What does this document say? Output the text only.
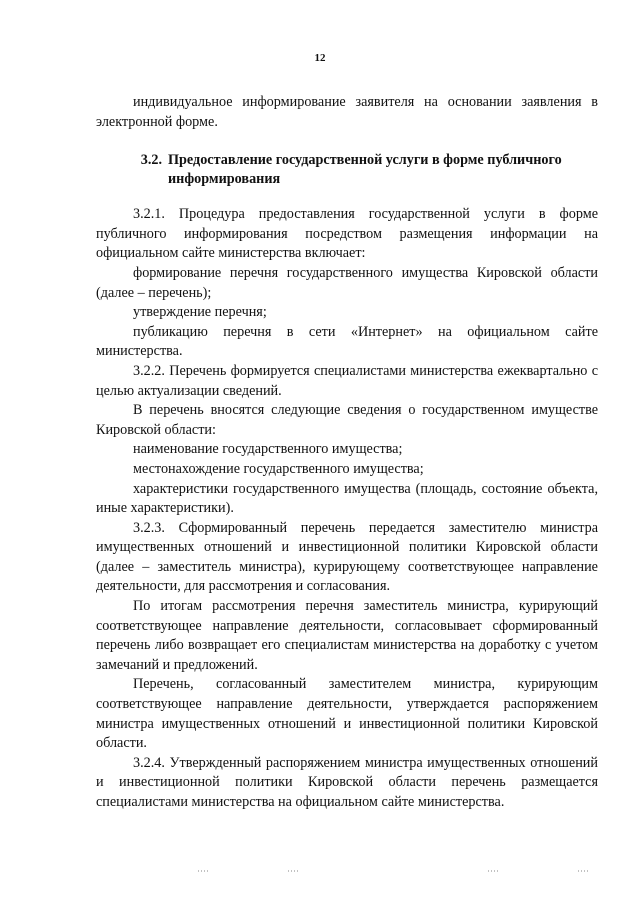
12

индивидуальное информирование заявителя на основании заявления в электронной форме.

3.2. Предоставление государственной услуги в форме публичного информирования

3.2.1. Процедура предоставления государственной услуги в форме публичного информирования посредством размещения информации на официальном сайте министерства включает:

формирование перечня государственного имущества Кировской области (далее – перечень);

утверждение перечня;

публикацию перечня в сети «Интернет» на официальном сайте министерства.

3.2.2. Перечень формируется специалистами министерства ежеквартально с целью актуализации сведений.

В перечень вносятся следующие сведения о государственном имуществе Кировской области:

наименование государственного имущества;

местонахождение государственного имущества;

характеристики государственного имущества (площадь, состояние объекта, иные характеристики).

3.2.3. Сформированный перечень передается заместителю министра имущественных отношений и инвестиционной политики Кировской области (далее – заместитель министра), курирующему соответствующее направление деятельности, для рассмотрения и согласования.

По итогам рассмотрения перечня заместитель министра, курирующий соответствующее направление деятельности, согласовывает сформированный перечень либо возвращает его специалистам министерства на доработку с учетом замечаний и предложений.

Перечень, согласованный заместителем министра, курирующим соответствующее направление деятельности, утверждается распоряжением министра имущественных отношений и инвестиционной политики Кировской области.

3.2.4. Утвержденный распоряжением министра имущественных отношений и инвестиционной политики Кировской области перечень размещается специалистами министерства на официальном сайте министерства.
